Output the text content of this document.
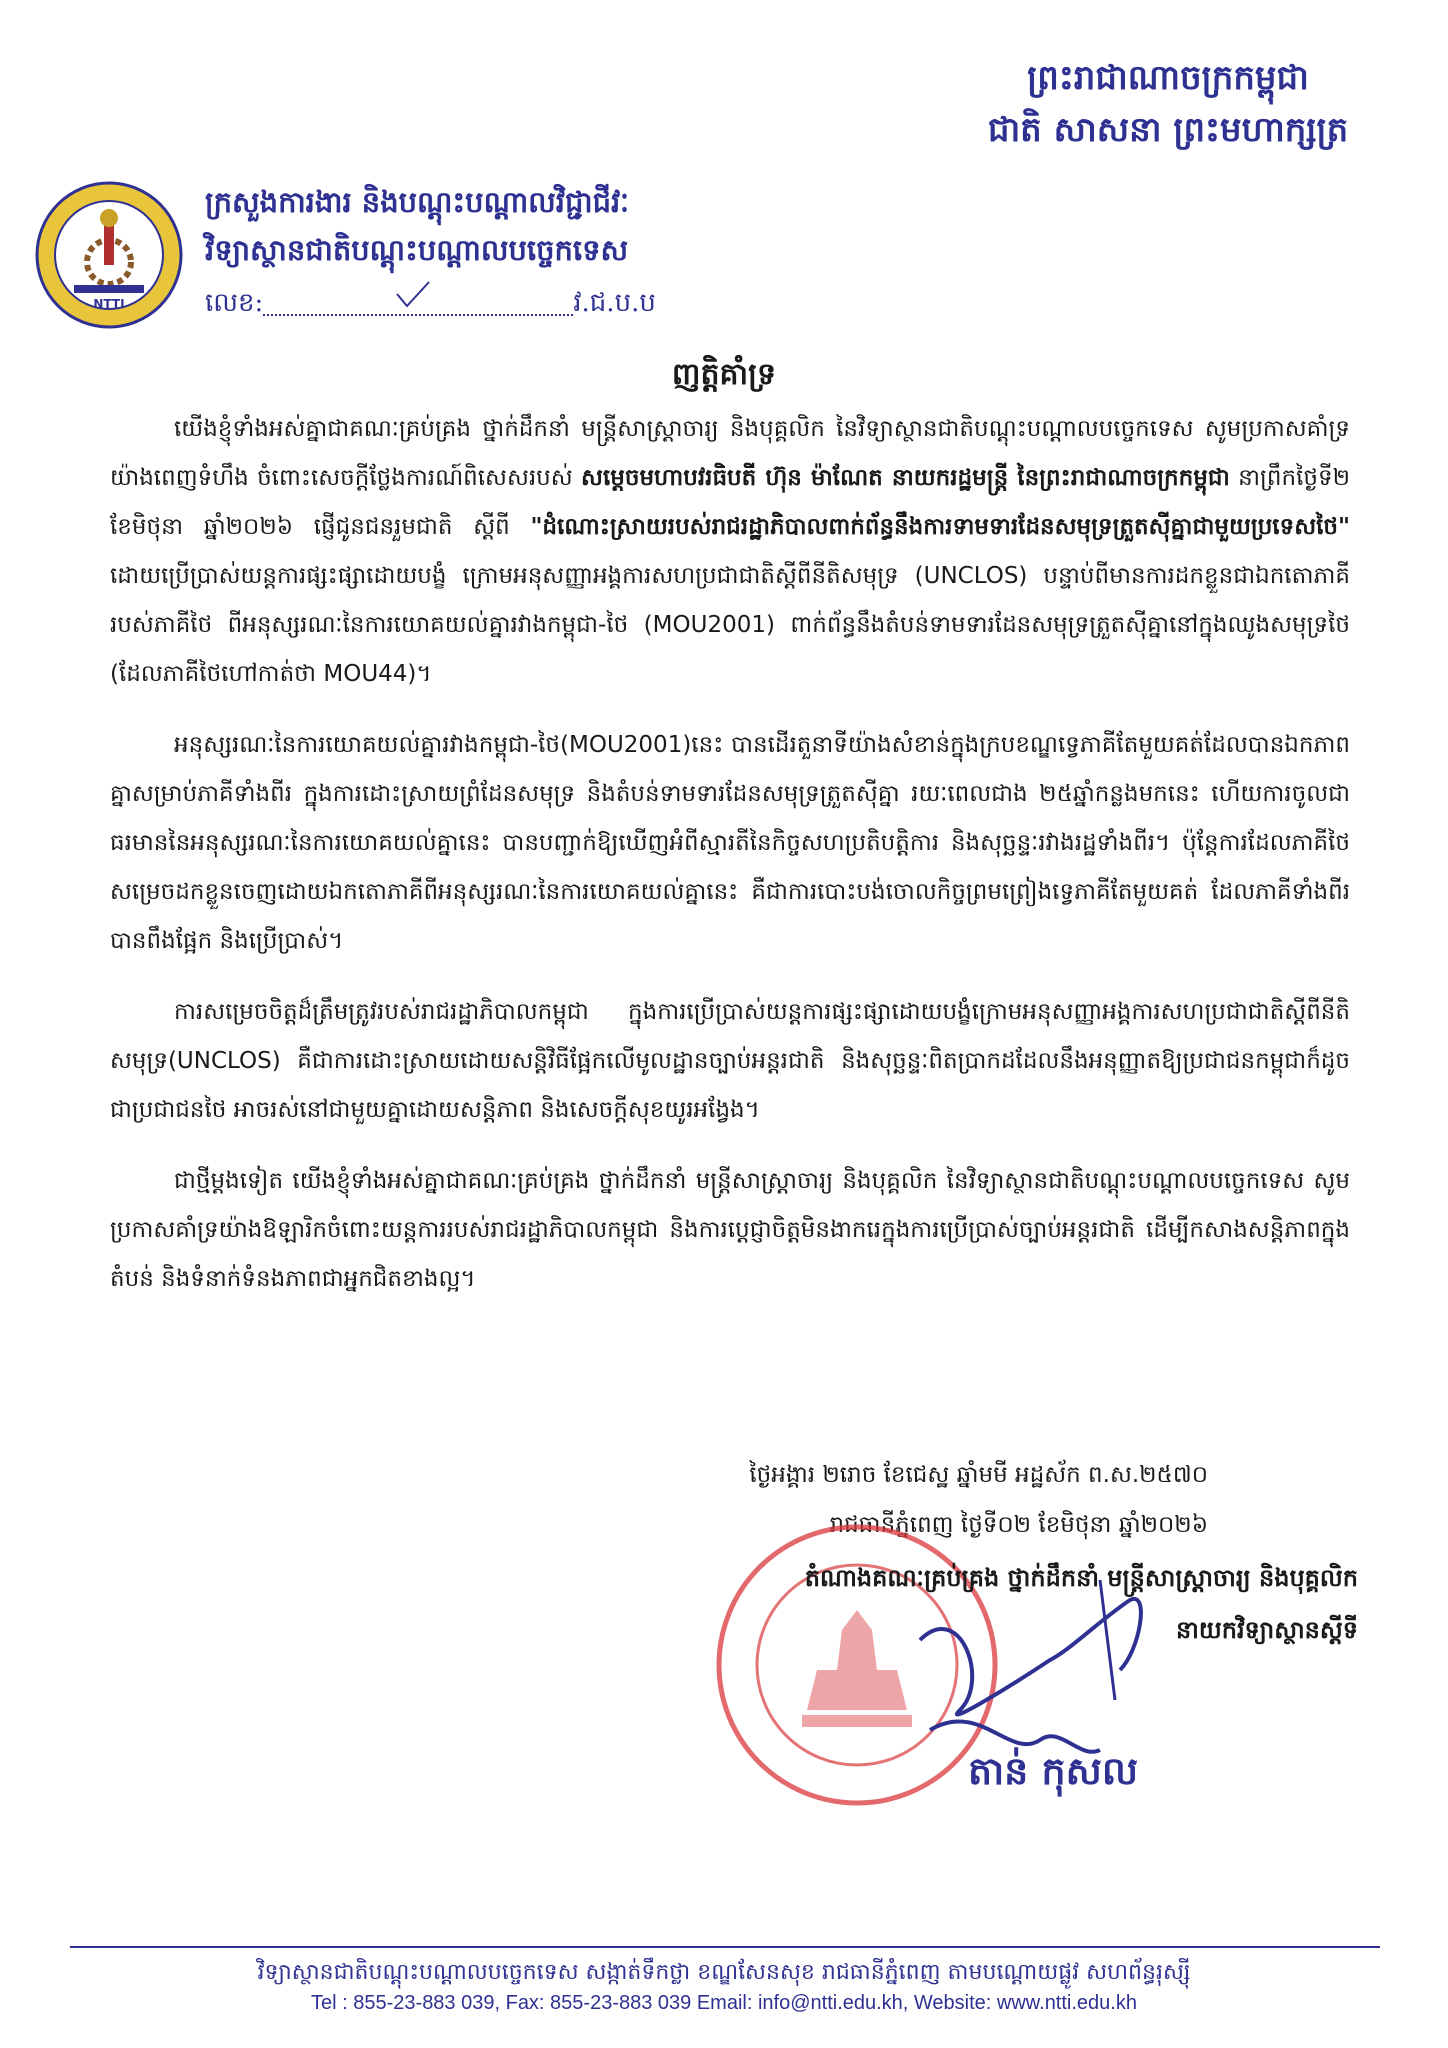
ព្រះរាជាណាចក្រកម្ពុជា
ជាតិ សាសនា ព្រះមហាក្សត្រ
NTTI
ក្រសួងការងារ និងបណ្តុះបណ្តាលវិជ្ជាជីវៈ
វិទ្យាស្ថានជាតិបណ្តុះបណ្តាលបច្ចេកទេស
លេខ:	វ.ជ.ប.ប
ញត្តិគាំទ្រ

យើងខ្ញុំទាំងអស់គ្នាជាគណៈគ្រប់គ្រង ថ្នាក់ដឹកនាំ មន្ត្រីសាស្ត្រាចារ្យ និងបុគ្គលិក នៃវិទ្យាស្ថានជាតិបណ្តុះបណ្តាលបច្ចេកទេស សូមប្រកាសគាំទ្រយ៉ាងពេញទំហឹង ចំពោះសេចក្តីថ្លែងការណ៍ពិសេសរបស់ សម្តេចមហាបវរធិបតី ហ៊ុន ម៉ាណែត នាយករដ្ឋមន្ត្រី នៃព្រះរាជាណាចក្រកម្ពុជា នាព្រឹកថ្ងៃទី២ ខែមិថុនា ឆ្នាំ២០២៦ ផ្ញើជូនជនរួមជាតិ ស្តីពី "ដំណោះស្រាយរបស់រាជរដ្ឋាភិបាលពាក់ព័ន្ធនឹងការទាមទារដែនសមុទ្រត្រួតស៊ីគ្នាជាមួយប្រទេសថៃ" ដោយប្រើប្រាស់យន្តការផ្សះផ្សាដោយបង្ខំ ក្រោមអនុសញ្ញាអង្គការសហប្រជាជាតិស្តីពីនីតិសមុទ្រ (UNCLOS) បន្ទាប់ពីមានការដកខ្លួនជាឯកតោភាគីរបស់ភាគីថៃ ពីអនុស្សរណៈនៃការយោគយល់គ្នារវាងកម្ពុជា-ថៃ (MOU2001) ពាក់ព័ន្ធនឹងតំបន់ទាមទារដែនសមុទ្រត្រួតស៊ីគ្នានៅក្នុងឈូងសមុទ្រថៃ (ដែលភាគីថៃហៅកាត់ថា MOU44)។

អនុស្សរណៈនៃការយោគយល់គ្នារវាងកម្ពុជា-ថៃ(MOU2001)នេះ បានដើរតួនាទីយ៉ាងសំខាន់ក្នុងក្របខណ្ឌទ្វេភាគីតែមួយគត់ដែលបានឯកភាពគ្នាសម្រាប់ភាគីទាំងពីរ ក្នុងការដោះស្រាយព្រំដែនសមុទ្រ និងតំបន់ទាមទារដែនសមុទ្រត្រួតស៊ីគ្នា រយៈពេលជាង ២៥ឆ្នាំកន្លងមកនេះ ហើយការចូលជាធរមាននៃអនុស្សរណៈនៃការយោគយល់គ្នានេះ បានបញ្ជាក់ឱ្យឃើញអំពីស្មារតីនៃកិច្ចសហប្រតិបត្តិការ និងសុច្ឆន្ទៈរវាងរដ្ឋទាំងពីរ។ ប៉ុន្តែការដែលភាគីថៃសម្រេចដកខ្លួនចេញដោយឯកតោភាគីពីអនុស្សរណៈនៃការយោគយល់គ្នានេះ គឺជាការបោះបង់ចោលកិច្ចព្រមព្រៀងទ្វេភាគីតែមួយគត់ ដែលភាគីទាំងពីរបានពឹងផ្អែក និងប្រើប្រាស់។

ការសម្រេចចិត្តដ៏ត្រឹមត្រូវរបស់រាជរដ្ឋាភិបាលកម្ពុជា ក្នុងការប្រើប្រាស់យន្តការផ្សះផ្សាដោយបង្ខំក្រោមអនុសញ្ញាអង្គការសហប្រជាជាតិស្តីពីនីតិសមុទ្រ(UNCLOS) គឺជាការដោះស្រាយដោយសន្តិវិធីផ្អែកលើមូលដ្ឋានច្បាប់អន្តរជាតិ និងសុច្ឆន្ទៈពិតប្រាកដដែលនឹងអនុញ្ញាតឱ្យប្រជាជនកម្ពុជាក៏ដូចជាប្រជាជនថៃ អាចរស់នៅជាមួយគ្នាដោយសន្តិភាព និងសេចក្តីសុខយូរអង្វែង។

ជាថ្មីម្តងទៀត យើងខ្ញុំទាំងអស់គ្នាជាគណៈគ្រប់គ្រង ថ្នាក់ដឹកនាំ មន្ត្រីសាស្ត្រាចារ្យ និងបុគ្គលិក នៃវិទ្យាស្ថានជាតិបណ្តុះបណ្តាលបច្ចេកទេស សូមប្រកាសគាំទ្រយ៉ាងឱឡារិកចំពោះយន្តការរបស់រាជរដ្ឋាភិបាលកម្ពុជា និងការប្តេជ្ញាចិត្តមិនងាករេក្នុងការប្រើប្រាស់ច្បាប់អន្តរជាតិ ដើម្បីកសាងសន្តិភាពក្នុងតំបន់ និងទំនាក់ទំនងភាពជាអ្នកជិតខាងល្អ។

ថ្ងៃអង្គារ ២រោច ខែជេស្ឋ ឆ្នាំមមី អដ្ឋស័ក ព.ស.២៥៧០
រាជធានីភ្នំពេញ ថ្ងៃទី០២ ខែមិថុនា ឆ្នាំ២០២៦
តំណាងគណៈគ្រប់គ្រង ថ្នាក់ដឹកនាំ មន្ត្រីសាស្ត្រាចារ្យ និងបុគ្គលិក
នាយកវិទ្យាស្ថានស្តីទី
តាន់ កុសល
វិទ្យាស្ថានជាតិបណ្តុះបណ្តាលបច្ចេកទេស សង្កាត់ទឹកថ្លា ខណ្ឌសែនសុខ រាជធានីភ្នំពេញ តាមបណ្តោយផ្លូវ សហព័ន្ធរុស្ស៊ី
Tel : 855-23-883 039, Fax: 855-23-883 039 Email: info@ntti.edu.kh, Website: www.ntti.edu.kh
